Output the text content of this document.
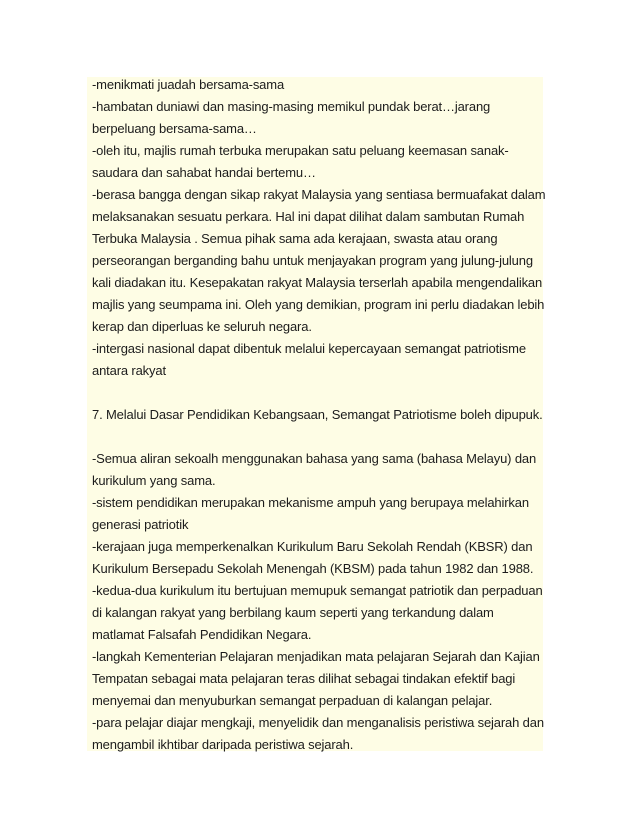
-menikmati juadah bersama-sama
-hambatan duniawi dan masing-masing memikul pundak berat…jarang
berpeluang bersama-sama…
-oleh itu, majlis rumah terbuka merupakan satu peluang keemasan sanak-
saudara dan sahabat handai bertemu…
-berasa bangga dengan sikap rakyat Malaysia yang sentiasa bermuafakat dalam
melaksanakan sesuatu perkara. Hal ini dapat dilihat dalam sambutan Rumah
Terbuka Malaysia . Semua pihak sama ada kerajaan, swasta atau orang
perseorangan berganding bahu untuk menjayakan program yang julung-julung
kali diadakan itu. Kesepakatan rakyat Malaysia terserlah apabila mengendalikan
majlis yang seumpama ini. Oleh yang demikian, program ini perlu diadakan lebih
kerap dan diperluas ke seluruh negara.
-intergasi nasional dapat dibentuk melalui kepercayaan semangat patriotisme
antara rakyat
7. Melalui Dasar Pendidikan Kebangsaan, Semangat Patriotisme boleh dipupuk.
-Semua aliran sekoalh menggunakan bahasa yang sama (bahasa Melayu) dan
kurikulum yang sama.
-sistem pendidikan merupakan mekanisme ampuh yang berupaya melahirkan
generasi patriotik
-kerajaan juga memperkenalkan Kurikulum Baru Sekolah Rendah (KBSR) dan
Kurikulum Bersepadu Sekolah Menengah (KBSM) pada tahun 1982 dan 1988.
-kedua-dua kurikulum itu bertujuan memupuk semangat patriotik dan perpaduan
di kalangan rakyat yang berbilang kaum seperti yang terkandung dalam
matlamat Falsafah Pendidikan Negara.
-langkah Kementerian Pelajaran menjadikan mata pelajaran Sejarah dan Kajian
Tempatan sebagai mata pelajaran teras dilihat sebagai tindakan efektif bagi
menyemai dan menyuburkan semangat perpaduan di kalangan pelajar.
-para pelajar diajar mengkaji, menyelidik dan menganalisis peristiwa sejarah dan
mengambil ikhtibar daripada peristiwa sejarah.
